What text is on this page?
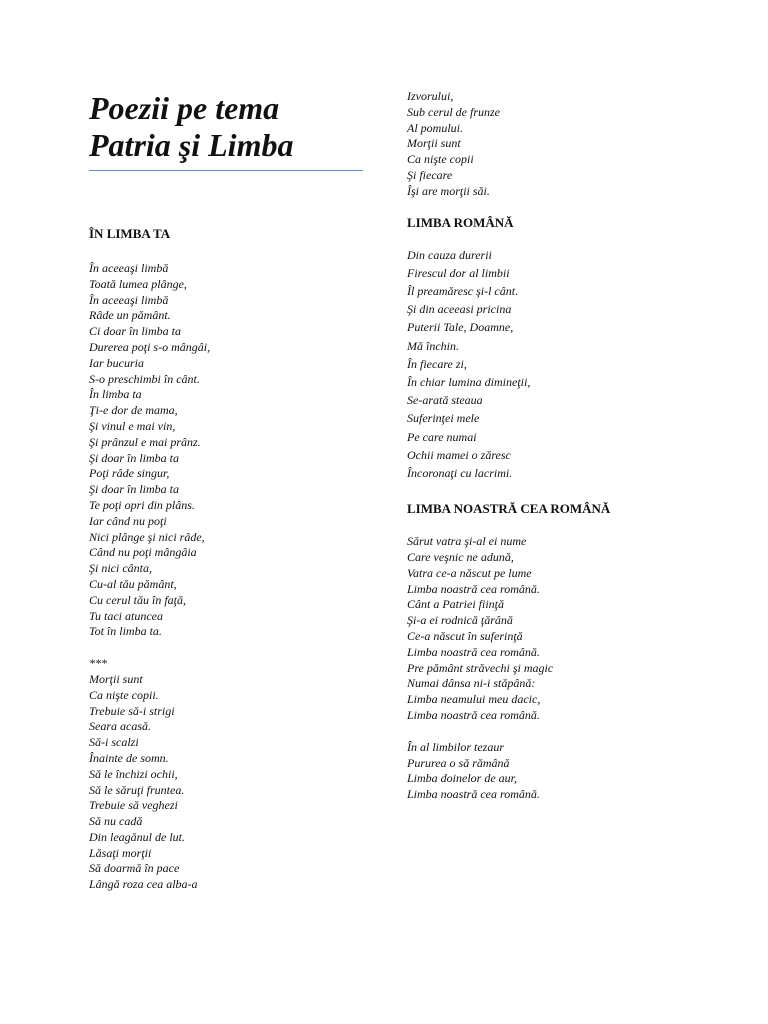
Poezii pe tema
Patria şi Limba
ÎN LIMBA TA
În aceeaşi limbă
Toată lumea plânge,
În aceeaşi limbă
Râde un pământ.
Ci doar în limba ta
Durerea poţi s-o mângâi,
Iar bucuria
S-o preschimbi în cânt.
În limba ta
Ţi-e dor de mama,
Şi vinul e mai vin,
Şi prânzul e mai prânz.
Şi doar în limba ta
Poţi râde singur,
Şi doar în limba ta
Te poţi opri din plâns.
Iar când nu poţi
Nici plânge şi nici râde,
Când nu poţi mângâia
Şi nici cânta,
Cu-al tău pământ,
Cu cerul tău în faţă,
Tu taci atuncea
Tot în limba ta.
***
Morţii sunt
Ca nişte copii.
Trebuie să-i strigi
Seara acasă.
Să-i scalzi
Înainte de somn.
Să le închizi ochii,
Să le săruţi fruntea.
Trebuie să veghezi
Să nu cadă
Din leagănul de lut.
Lăsaţi morţii
Să doarmă în pace
Lângă roza cea alba-a
Izvorului,
Sub cerul de frunze
Al pomului.
Morţii sunt
Ca nişte copii
Şi fiecare
Îşi are morţii săi.
LIMBA ROMÂNĂ
Din cauza durerii
Firescul dor al limbii
Îl preamăresc şi-l cânt.
Şi din aceeasi pricina
Puterii Tale, Doamne,
Mă închin.
În fiecare zi,
În chiar lumina dimineţii,
Se-arată steaua
Suferinţei mele
Pe care numai
Ochii mamei o zăresc
Încoronaţi cu lacrimi.
LIMBA NOASTRĂ CEA ROMÂNĂ
Sărut vatra şi-al ei nume
Care veşnic ne adună,
Vatra ce-a născut pe lume
Limba noastră cea română.
Cânt a Patriei fiinţă
Şi-a ei rodnică ţărână
Ce-a născut în suferinţă
Limba noastră cea română.
Pre pământ străvechi şi magic
Numai dânsa ni-i stăpână:
Limba neamului meu dacic,
Limba noastră cea română.
În al limbilor tezaur
Pururea o să rămână
Limba doinelor de aur,
Limba noastră cea română.
